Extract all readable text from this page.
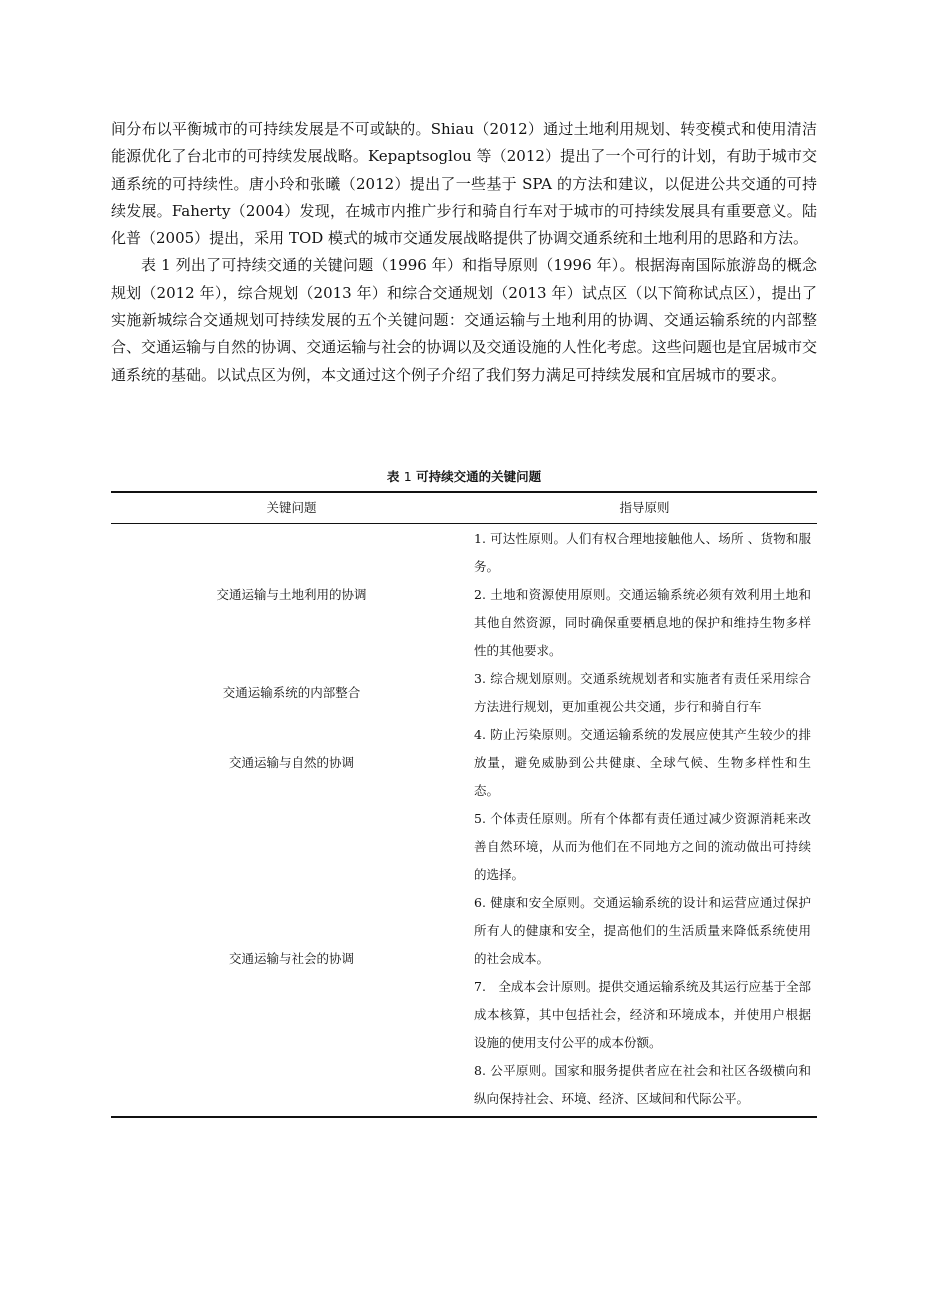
间分布以平衡城市的可持续发展是不可或缺的。Shiau（2012）通过土地利用规划、转变模式和使用清洁能源优化了台北市的可持续发展战略。Kepaptsoglou 等（2012）提出了一个可行的计划，有助于城市交通系统的可持续性。唐小玲和张曦（2012）提出了一些基于 SPA 的方法和建议，以促进公共交通的可持续发展。Faherty（2004）发现，在城市内推广步行和骑自行车对于城市的可持续发展具有重要意义。陆化普（2005）提出，采用 TOD 模式的城市交通发展战略提供了协调交通系统和土地利用的思路和方法。

表 1 列出了可持续交通的关键问题（1996 年）和指导原则（1996 年）。根据海南国际旅游岛的概念规划（2012 年），综合规划（2013 年）和综合交通规划（2013 年）试点区（以下简称试点区），提出了实施新城综合交通规划可持续发展的五个关键问题：交通运输与土地利用的协调、交通运输系统的内部整合、交通运输与自然的协调、交通运输与社会的协调以及交通设施的人性化考虑。这些问题也是宜居城市交通系统的基础。以试点区为例，本文通过这个例子介绍了我们努力满足可持续发展和宜居城市的要求。

表 1 可持续交通的关键问题
关键问题	指导原则
交通运输与土地利用的协调	1. 可达性原则。人们有权合理地接触他人、场所 、货物和服务。
2. 土地和资源使用原则。交通运输系统必须有效利用土地和其他自然资源，同时确保重要栖息地的保护和维持生物多样性的其他要求。

交通运输系统的内部整合	3. 综合规划原则。交通系统规划者和实施者有责任采用综合方法进行规划，更加重视公共交通，步行和骑自行车

交通运输与自然的协调	4. 防止污染原则。交通运输系统的发展应使其产生较少的排放量，避免威胁到公共健康、全球气候、生物多样性和生态。

交通运输与社会的协调	5. 个体责任原则。所有个体都有责任通过减少资源消耗来改善自然环境，从而为他们在不同地方之间的流动做出可持续的选择。
6. 健康和安全原则。交通运输系统的设计和运营应通过保护所有人的健康和安全，提高他们的生活质量来降低系统使用的社会成本。
7.　全成本会计原则。提供交通运输系统及其运行应基于全部成本核算，其中包括社会，经济和环境成本，并使用户根据设施的使用支付公平的成本份额。
8. 公平原则。国家和服务提供者应在社会和社区各级横向和纵向保持社会、环境、经济、区域间和代际公平。
